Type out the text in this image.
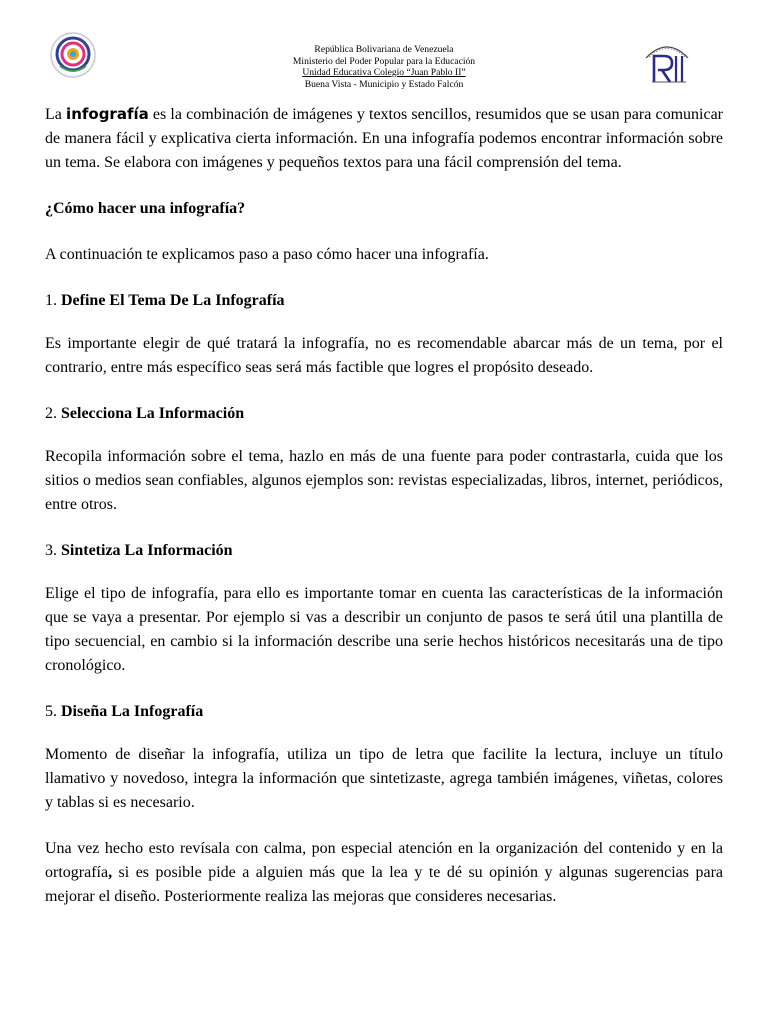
República Bolivariana de Venezuela
Ministerio del Poder Popular para la Educación
Unidad Educativa Colegio “Juan Pablo II”
Buena Vista - Municipio y Estado Falcón

La infografía es la combinación de imágenes y textos sencillos, resumidos que se usan para comunicar de manera fácil y explicativa cierta información. En una infografía podemos encontrar información sobre un tema. Se elabora con imágenes y pequeños textos para una fácil comprensión del tema.

¿Cómo hacer una infografía?

A continuación te explicamos paso a paso cómo hacer una infografía.

1. Define El Tema De La Infografía

Es importante elegir de qué tratará la infografía, no es recomendable abarcar más de un tema, por el contrario, entre más específico seas será más factible que logres el propósito deseado.

2. Selecciona La Información

Recopila información sobre el tema, hazlo en más de una fuente para poder contrastarla, cuida que los sitios o medios sean confiables, algunos ejemplos son: revistas especializadas, libros, internet, periódicos, entre otros.

3. Sintetiza La Información

Elige el tipo de infografía, para ello es importante tomar en cuenta las características de la información que se vaya a presentar. Por ejemplo si vas a describir un conjunto de pasos te será útil una plantilla de tipo secuencial, en cambio si la información describe una serie hechos históricos necesitarás una de tipo cronológico.

5. Diseña La Infografía

Momento de diseñar la infografía, utiliza un tipo de letra que facilite la lectura, incluye un título llamativo y novedoso, integra la información que sintetizaste, agrega también imágenes, viñetas, colores y tablas si es necesario.

Una vez hecho esto revísala con calma, pon especial atención en la organización del contenido y en la ortografía, si es posible pide a alguien más que la lea y te dé su opinión y algunas sugerencias para mejorar el diseño. Posteriormente realiza las mejoras que consideres necesarias.
